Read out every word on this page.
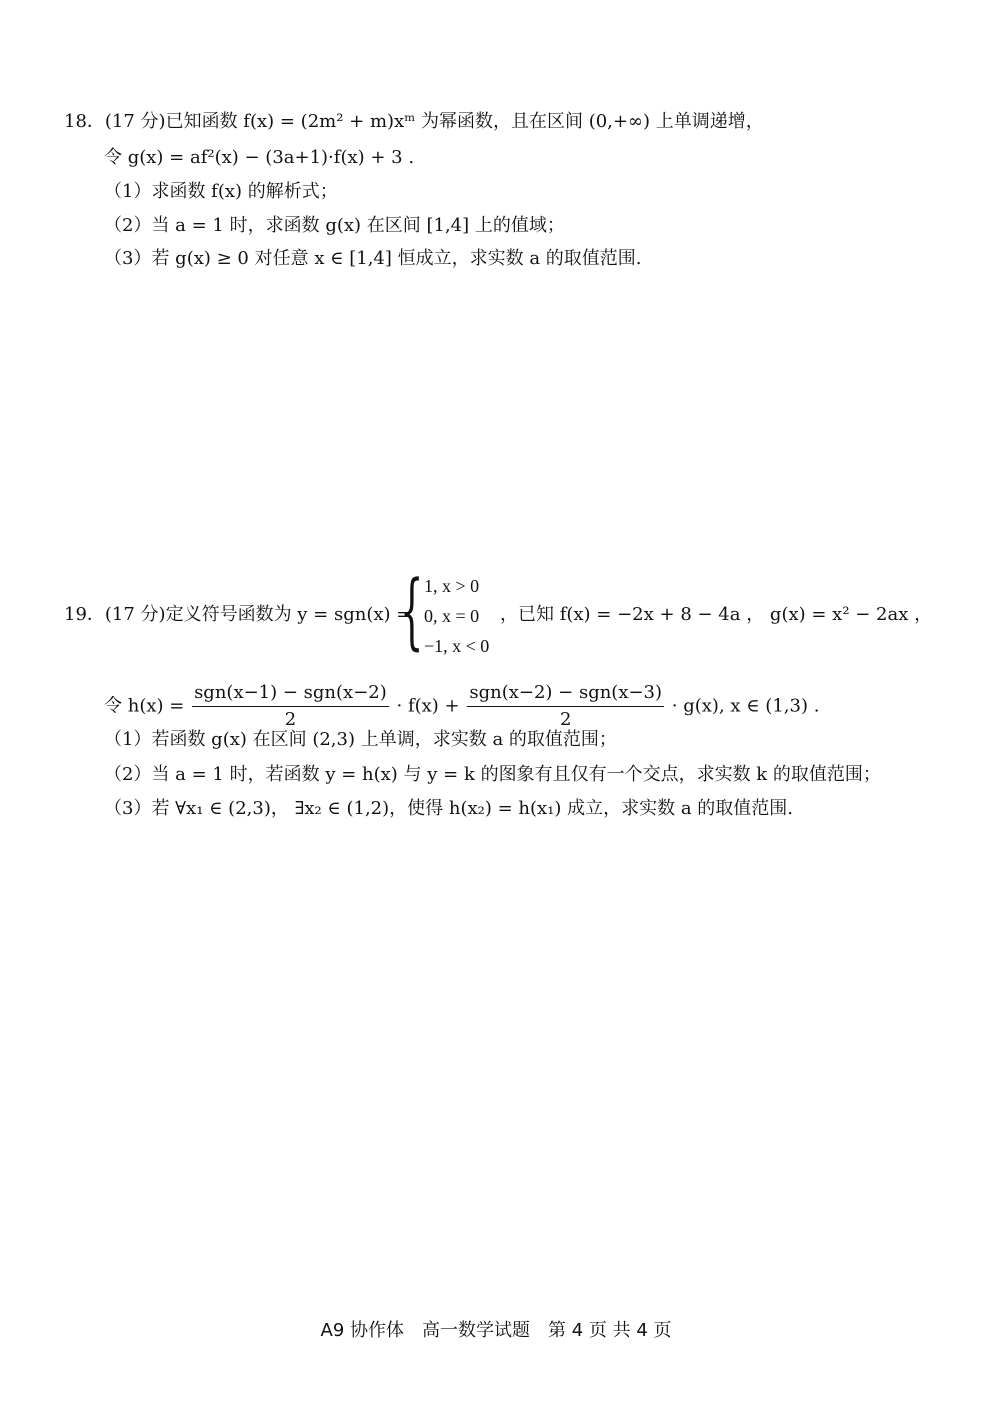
18．(17 分)已知函数 f(x) = (2m² + m)xᵐ 为幂函数，且在区间 (0,+∞) 上单调递增，
令 g(x) = af²(x) − (3a+1)·f(x) + 3 .
（1）求函数 f(x) 的解析式；
（2）当 a = 1 时，求函数 g(x) 在区间 [1,4] 上的值域；
（3）若 g(x) ≥ 0 对任意 x ∈ [1,4] 恒成立，求实数 a 的取值范围.
19．(17 分)定义符号函数为 y = sgn(x) =
{ 1, x > 0
0, x = 0
−1, x < 0
，已知 f(x) = −2x + 8 − 4a ， g(x) = x² − 2ax ，
令 $h(x) = \frac{\text{sgn(x−1) − sgn(x−2)}}{2} \cdot f(x) + \frac{\text{sgn(x−2) − sgn(x−3)}}{2} \cdot g(x)$, x ∈ (1,3) .
（1）若函数 g(x) 在区间 (2,3) 上单调，求实数 a 的取值范围；
（2）当 a = 1 时，若函数 y = h(x) 与 y = k 的图象有且仅有一个交点，求实数 k 的取值范围；
（3）若 ∀x₁ ∈ (2,3)， ∃x₂ ∈ (1,2)，使得 h(x₂) = h(x₁) 成立，求实数 a 的取值范围.
A9 协作体　高一数学试题　第 4 页 共 4 页
